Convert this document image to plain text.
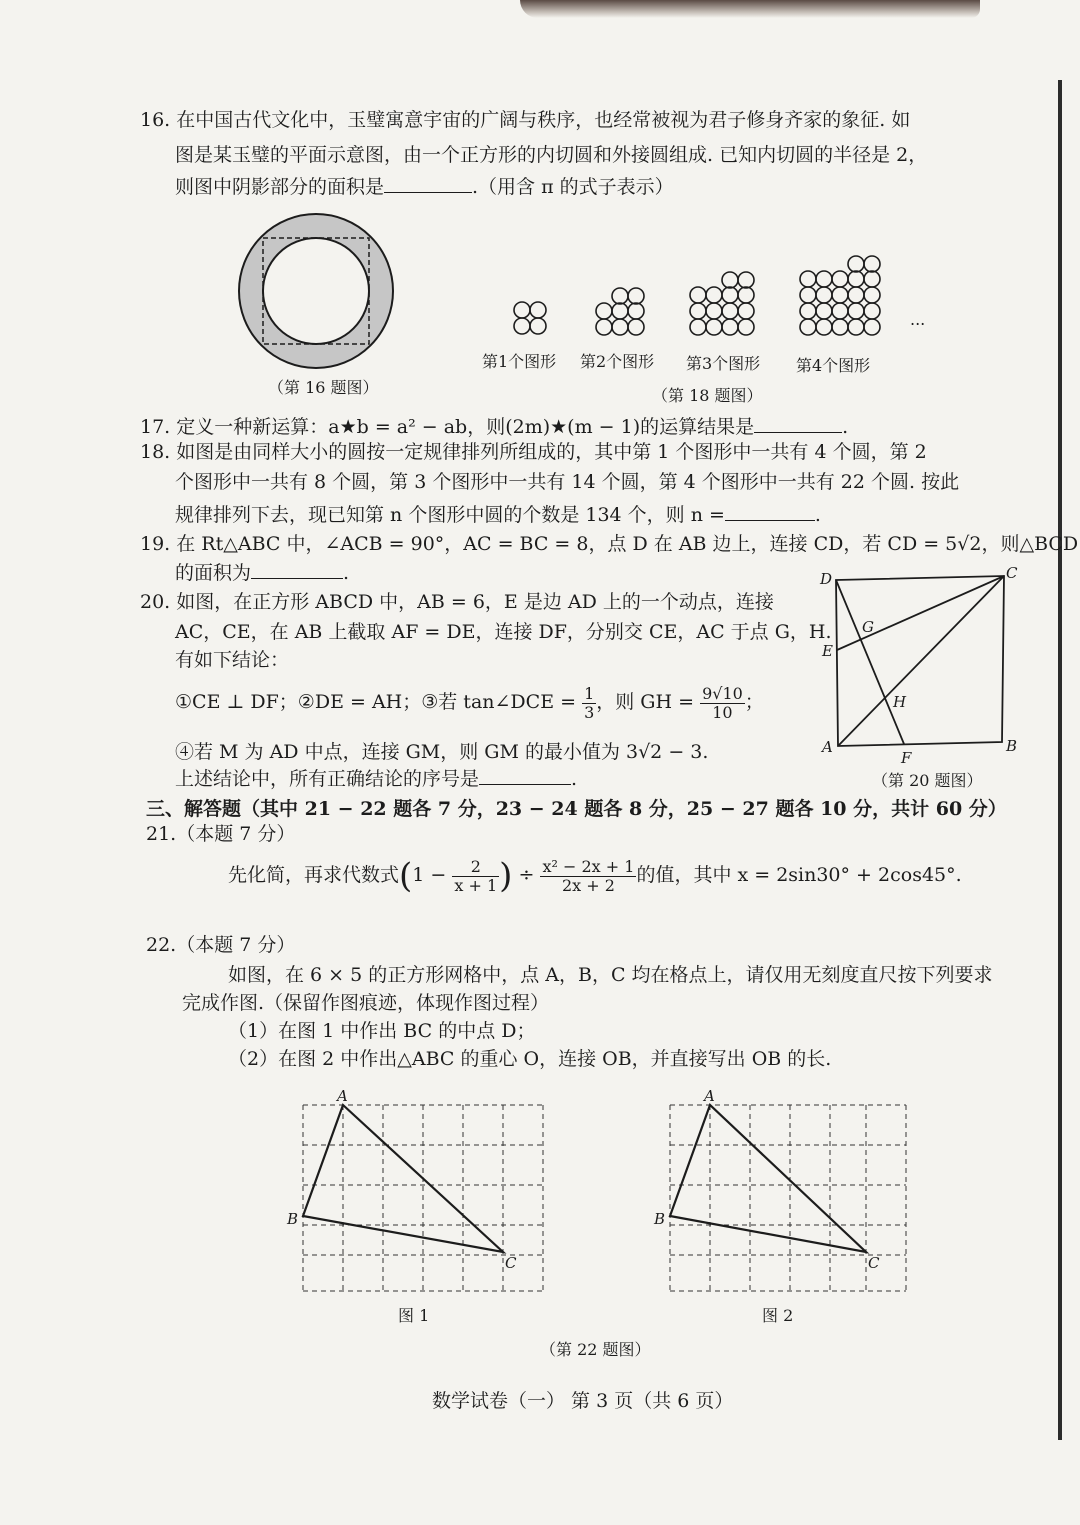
16. 在中国古代文化中，玉璧寓意宇宙的广阔与秩序，也经常被视为君子修身齐家的象征. 如
图是某玉璧的平面示意图，由一个正方形的内切圆和外接圆组成. 已知内切圆的半径是 2，
则图中阴影部分的面积是	.（用含 π 的式子表示）
（第 16 题图）
...
第1个图形 第2个图形 第3个图形 第4个图形
（第 18 题图）
17. 定义一种新运算：a★b = a² − ab，则(2m)★(m − 1)的运算结果是	.
18. 如图是由同样大小的圆按一定规律排列所组成的，其中第 1 个图形中一共有 4 个圆，第 2
个图形中一共有 8 个圆，第 3 个图形中一共有 14 个圆，第 4 个图形中一共有 22 个圆. 按此
规律排列下去，现已知第 n 个图形中圆的个数是 134 个，则 n =	.
19. 在 Rt△ABC 中，∠ACB = 90°，AC = BC = 8，点 D 在 AB 边上，连接 CD，若 CD = 5√2，则△BCD
的面积为	.
20. 如图，在正方形 ABCD 中，AB = 6，E 是边 AD 上的一个动点，连接
AC，CE，在 AB 上截取 AF = DE，连接 DF，分别交 CE，AC 于点 G，H.
有如下结论：
①CE ⊥ DF；②DE = AH；③若 tan∠DCE = $\frac{1}{3}$ ，则 GH = $\frac{9√10}{10}$ ；
④若 M 为 AD 中点，连接 GM，则 GM 的最小值为 3√2 − 3.
上述结论中，所有正确结论的序号是	.
D	C
G
E
H
A
F
B
（第 20 题图）
三、解答题（其中 21 − 22 题各 7 分，23 − 24 题各 8 分，25 − 27 题各 10 分，共计 60 分）
21.（本题 7 分）
先化简，再求代数式($1 - \frac{2}{x + 1}$ ) ÷ $\frac{\text{x² − 2x + 1}}{2x + 2}$ 的值，其中 x = 2sin30° + 2cos45°.
22.（本题 7 分）
如图，在 6 × 5 的正方形网格中，点 A，B，C 均在格点上，请仅用无刻度直尺按下列要求
完成作图.（保留作图痕迹，体现作图过程）
（1）在图 1 中作出 BC 的中点 D；
（2）在图 2 中作出△ABC 的重心 O，连接 OB，并直接写出 OB 的长.
A
B
C
图 1
A
B
C
图 2
（第 22 题图）
数学试卷（一） 第 3 页（共 6 页）
